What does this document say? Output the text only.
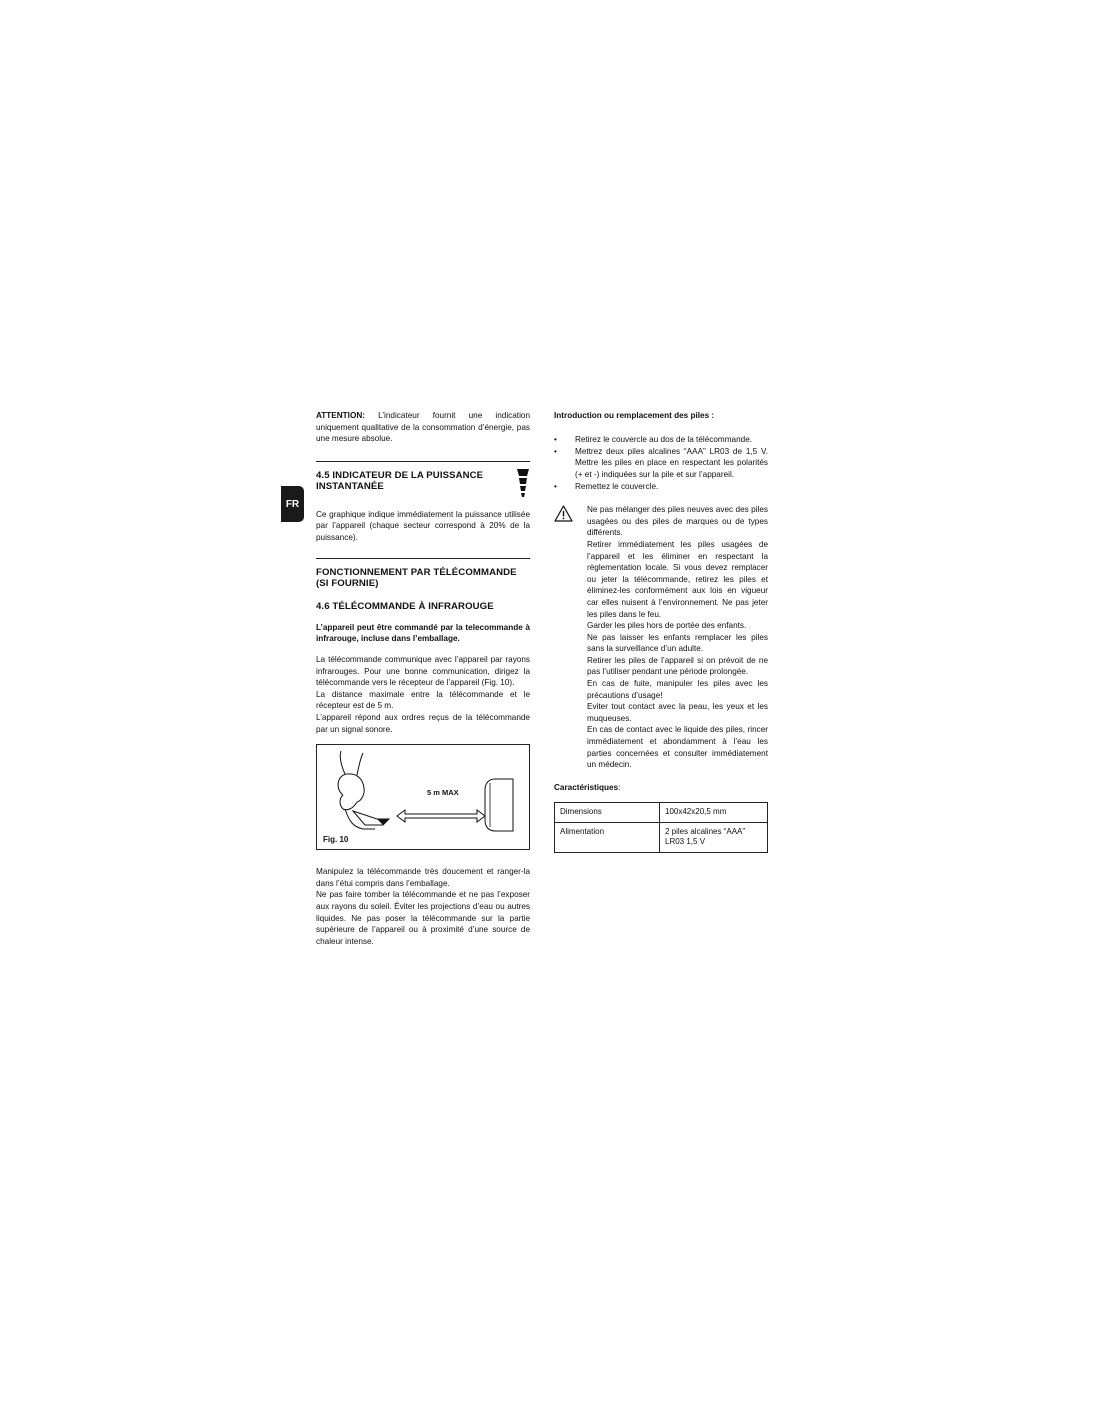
FR

ATTENTION: L’indicateur fournit une indication uniquement qualitative de la consommation d’énergie, pas une mesure absolue.

4.5 INDICATEUR DE LA PUISSANCE INSTANTANÉE

Ce graphique indique immédiatement la puissance utilisée par l’appareil (chaque secteur correspond à 20% de la puissance).

FONCTIONNEMENT PAR TÉLÉCOMMANDE (SI FOURNIE)
4.6 TÉLÉCOMMANDE À INFRAROUGE

L’appareil peut être commandé par la telecommande à infrarouge, incluse dans l’emballage.

La télécommande communique avec l’appareil par rayons infrarouges. Pour une bonne communication, dirigez la télécommande vers le récepteur de l’appareil (Fig. 10).

La distance maximale entre la télécommande et le récepteur est de 5 m.

L’appareil répond aux ordres reçus de la télécommande par un signal sonore.

5 m MAX
Fig. 10

Manipulez la télécommande très doucement et ranger-la dans l’étui compris dans l’emballage.

Ne pas faire tomber la télécommande et ne pas l’exposer aux rayons du soleil. Éviter les projections d’eau ou autres liquides. Ne pas poser la télécommande sur la partie supérieure de l’appareil ou à proximité d’une source de chaleur intense.

Introduction ou remplacement des piles :

• Retirez le couvercle au dos de la télécommande.
• Mettrez deux piles alcalines “AAA” LR03 de 1,5 V. Mettre les piles en place en respectant les polarités (+ et -) indiquées sur la pile et sur l’appareil.
• Remettez le couvercle.

Ne pas mélanger des piles neuves avec des piles usagées ou des piles de marques ou de types différents.

Retirer immédiatement les piles usagées de l’appareil et les éliminer en respectant la règlementation locale. Si vous devez remplacer ou jeter la télécommande, retirez les piles et éliminez-les conformément aux lois en vigueur car elles nuisent à l’environnement. Ne pas jeter les piles dans le feu.

Garder les piles hors de portée des enfants.

Ne pas laisser les enfants remplacer les piles sans la surveillance d’un adulte.

Retirer les piles de l’appareil si on prévoit de ne pas l’utiliser pendant une période prolongée.

En cas de fuite, manipuler les piles avec les précautions d’usage!

Eviter tout contact avec la peau, les yeux et les muqueuses.

En cas de contact avec le liquide des piles, rincer immédiatement et abondamment à l’eau les parties concernées et consulter immédiatement un médecin.

Caractéristiques:

Dimensions	100x42x20,5 mm
Alimentation	2 piles alcalines “AAA” LR03 1,5 V
